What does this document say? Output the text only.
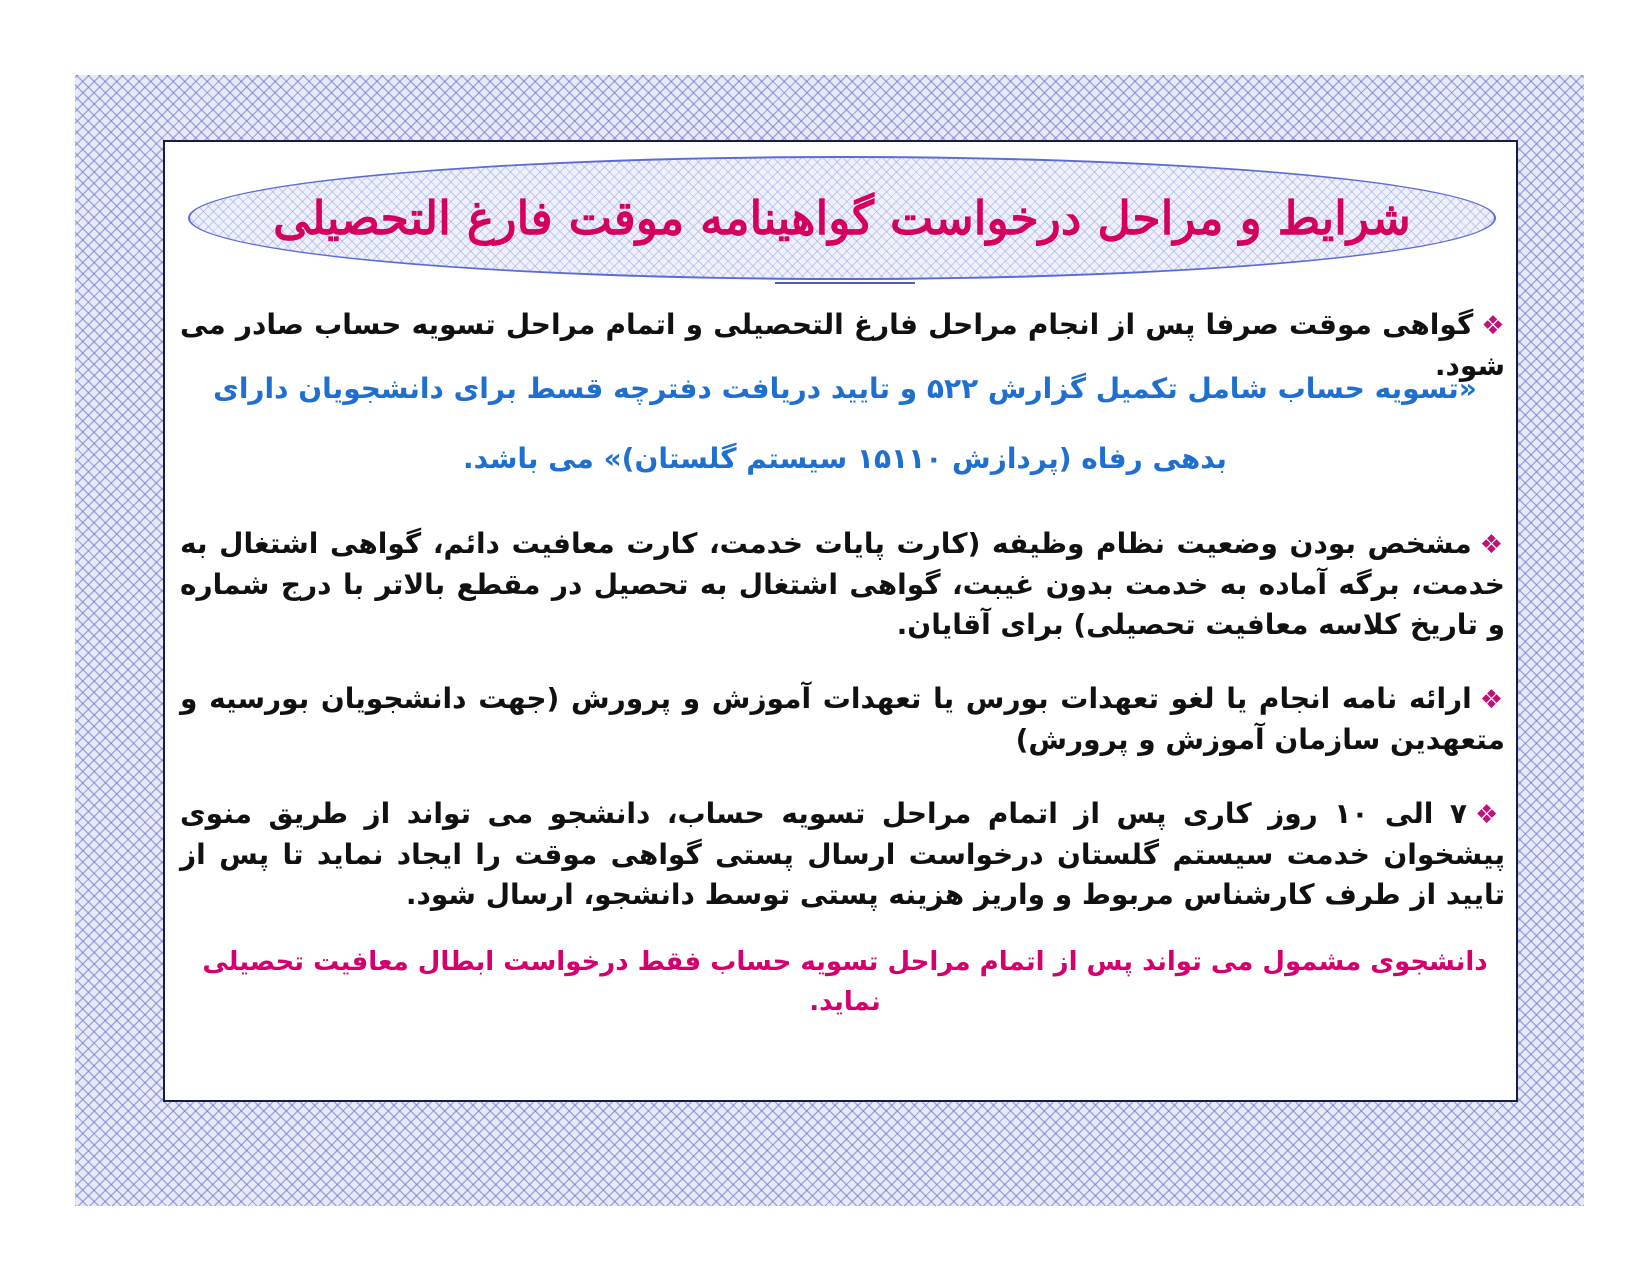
شرایط و مراحل درخواست گواهینامه موقت فارغ التحصیلی

❖گواهی موقت صرفا پس از انجام مراحل فارغ التحصیلی و اتمام مراحل تسویه حساب صادر می شود.

«تسویه حساب شامل تکمیل گزارش ۵۲۲ و تایید دریافت دفترچه قسط برای دانشجویان دارای بدهی رفاه (پردازش ۱۵۱۱۰ سیستم گلستان)» می باشد.

❖مشخص بودن وضعیت نظام وظیفه (کارت پایات خدمت، کارت معافیت دائم، گواهی اشتغال به خدمت، برگه آماده به خدمت بدون غیبت، گواهی اشتغال به تحصیل در مقطع بالاتر با درج شماره و تاریخ کلاسه معافیت تحصیلی) برای آقایان.

❖ارائه نامه انجام یا لغو تعهدات بورس یا تعهدات آموزش و پرورش (جهت دانشجویان بورسیه و متعهدین سازمان آموزش و پرورش)

❖۷ الی ۱۰ روز کاری پس از اتمام مراحل تسویه حساب، دانشجو می تواند از طریق منوی پیشخوان خدمت سیستم گلستان درخواست ارسال پستی گواهی موقت را ایجاد نماید تا پس از تایید از طرف کارشناس مربوط و واریز هزینه پستی توسط دانشجو، ارسال شود.

دانشجوی مشمول می تواند پس از اتمام مراحل تسویه حساب فقط درخواست ابطال معافیت تحصیلی نماید.
